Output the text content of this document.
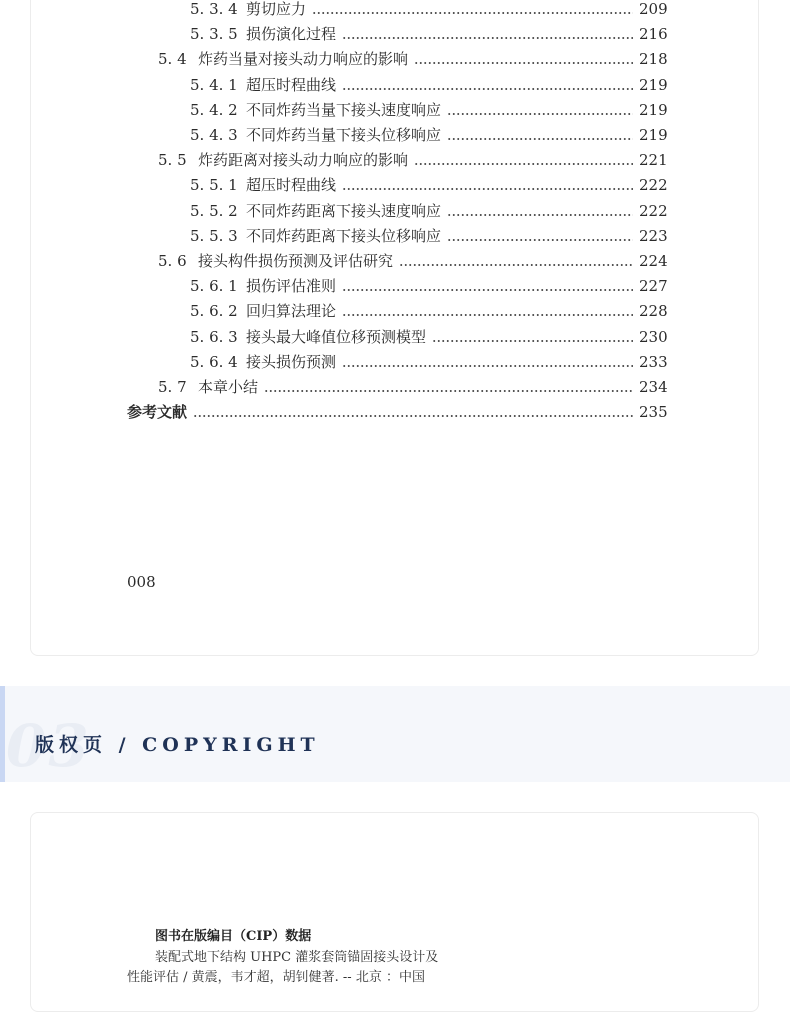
5. 3. 4 剪切应力	209
5. 3. 5 损伤演化过程	216
5. 4 炸药当量对接头动力响应的影响	218
5. 4. 1 超压时程曲线	219
5. 4. 2 不同炸药当量下接头速度响应	219
5. 4. 3 不同炸药当量下接头位移响应	219
5. 5 炸药距离对接头动力响应的影响	221
5. 5. 1 超压时程曲线	222
5. 5. 2 不同炸药距离下接头速度响应	222
5. 5. 3 不同炸药距离下接头位移响应	223
5. 6 接头构件损伤预测及评估研究	224
5. 6. 1 损伤评估准则	227
5. 6. 2 回归算法理论	228
5. 6. 3 接头最大峰值位移预测模型	230
5. 6. 4 接头损伤预测	233
5. 7 本章小结	234
参考文献	235
008
03
版权页 / COPYRIGHT
图书在版编目（CIP）数据
装配式地下结构 UHPC 灌浆套筒锚固接头设计及
性能评估 / 黄震，韦才超，胡钊健著. -- 北京 ：中国
